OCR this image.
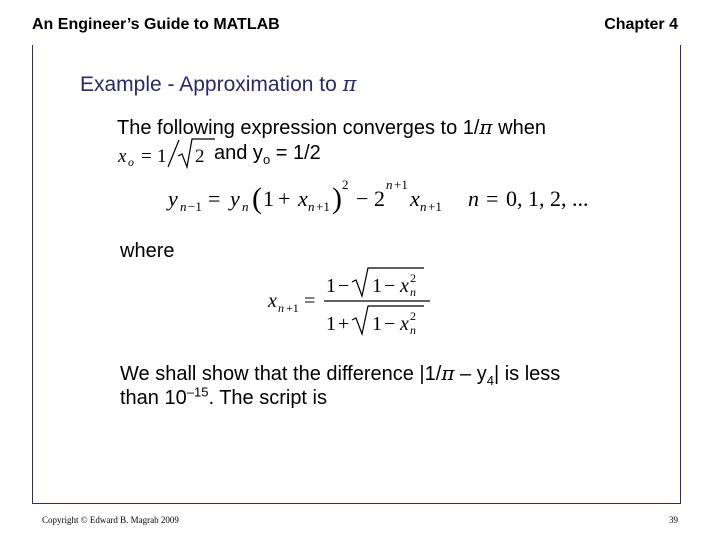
An Engineer’s Guide to MATLAB	Chapter 4
Example - Approximation to π
The following expression converges to 1/π when
x o = 1 2 and $y_o = 1/2$
y n −1 = y n ( 1 + x n +1 ) 2
− 2
n +1
x n +1 n = 0, 1, 2, ...
where
x n +1 =
1 − 1 − x 2
n
1 + 1 − x 2
n
We shall show that the difference $|1/\pi - y_4|$ is less
than $10^{-15}$. The script is
Copyright © Edward B. Magrab 2009	39
